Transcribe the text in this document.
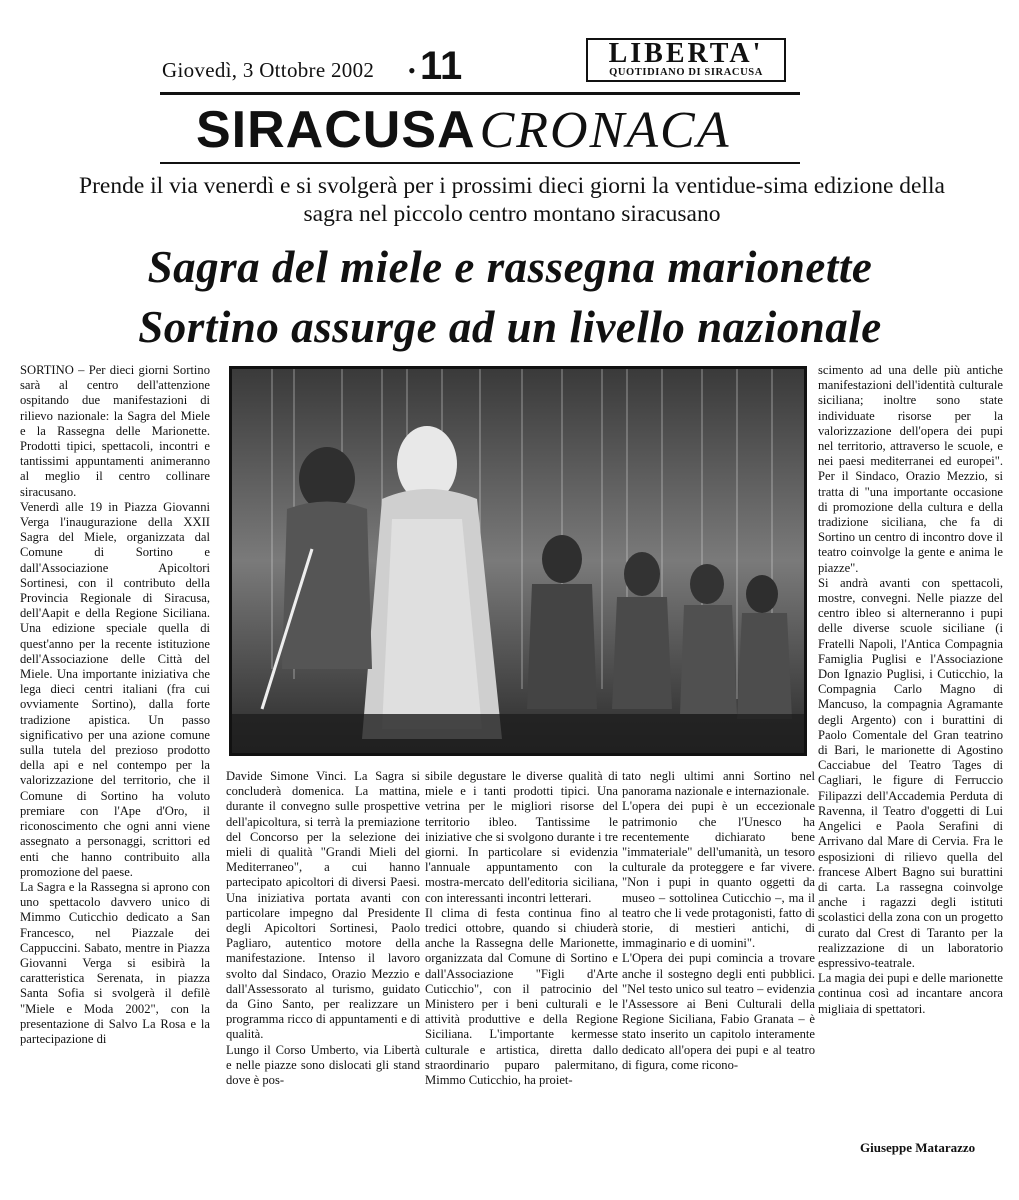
Giovedì, 3 Ottobre 2002 • 11	LIBERTA'
QUOTIDIANO DI SIRACUSA
SIRACUSACRONACA
Prende il via venerdì e si svolgerà per i prossimi dieci giorni la ventidue-sima edizione della sagra nel piccolo centro montano siracusano
Sagra del miele e rassegna marionette
Sortino assurge ad un livello nazionale

SORTINO – Per dieci giorni Sortino sarà al centro dell'attenzione ospitando due manifestazioni di rilievo nazionale: la Sagra del Miele e la Rassegna delle Marionette. Prodotti tipici, spettacoli, incontri e tantissimi appuntamenti animeranno al meglio il centro collinare siracusano.

Venerdì alle 19 in Piazza Giovanni Verga l'inaugurazione della XXII Sagra del Miele, organizzata dal Comune di Sortino e dall'Associazione Apicoltori Sortinesi, con il contributo della Provincia Regionale di Siracusa, dell'Aapit e della Regione Siciliana. Una edizione speciale quella di quest'anno per la recente istituzione dell'Associazione delle Città del Miele. Una importante iniziativa che lega dieci centri italiani (fra cui ovviamente Sortino), dalla forte tradizione apistica. Un passo significativo per una azione comune sulla tutela del prezioso prodotto della api e nel contempo per la valorizzazione del territorio, che il Comune di Sortino ha voluto premiare con l'Ape d'Oro, il riconoscimento che ogni anni viene assegnato a personaggi, scrittori ed enti che hanno contribuito alla promozione del paese.

La Sagra e la Rassegna si aprono con uno spettacolo davvero unico di Mimmo Cuticchio dedicato a San Francesco, nel Piazzale dei Cappuccini. Sabato, mentre in Piazza Giovanni Verga si esibirà la caratteristica Serenata, in piazza Santa Sofia si svolgerà il defilè "Miele e Moda 2002", con la presentazione di Salvo La Rosa e la partecipazione di

Davide Simone Vinci. La Sagra si concluderà domenica. La mattina, durante il convegno sulle prospettive dell'apicoltura, si terrà la premiazione del Concorso per la selezione dei mieli di qualità "Grandi Mieli del Mediterraneo", a cui hanno partecipato apicoltori di diversi Paesi. Una iniziativa portata avanti con particolare impegno dal Presidente degli Apicoltori Sortinesi, Paolo Pagliaro, autentico motore della manifestazione. Intenso il lavoro svolto dal Sindaco, Orazio Mezzio e dall'Assessorato al turismo, guidato da Gino Santo, per realizzare un programma ricco di appuntamenti e di qualità.

Lungo il Corso Umberto, via Libertà e nelle piazze sono dislocati gli stand dove è pos-

sibile degustare le diverse qualità di miele e i tanti prodotti tipici. Una vetrina per le migliori risorse del territorio ibleo. Tantissime le iniziative che si svolgono durante i tre giorni. In particolare si evidenzia l'annuale appuntamento con la mostra-mercato dell'editoria siciliana, con interessanti incontri letterari.

Il clima di festa continua fino al tredici ottobre, quando si chiuderà anche la Rassegna delle Marionette, organizzata dal Comune di Sortino e dall'Associazione "Figli d'Arte Cuticchio", con il patrocinio del Ministero per i beni culturali e le attività produttive e della Regione Siciliana. L'importante kermesse culturale e artistica, diretta dallo straordinario puparo palermitano, Mimmo Cuticchio, ha proiet-

tato negli ultimi anni Sortino nel panorama nazionale e internazionale.

L'opera dei pupi è un eccezionale patrimonio che l'Unesco ha recentemente dichiarato bene "immateriale" dell'umanità, un tesoro culturale da proteggere e far vivere. "Non i pupi in quanto oggetti da museo – sottolinea Cuticchio –, ma il teatro che li vede protagonisti, fatto di storie, di mestieri antichi, di immaginario e di uomini".

L'Opera dei pupi comincia a trovare anche il sostegno degli enti pubblici. "Nel testo unico sul teatro – evidenzia l'Assessore ai Beni Culturali della Regione Siciliana, Fabio Granata – è stato inserito un capitolo interamente dedicato all'opera dei pupi e al teatro di figura, come ricono-

scimento ad una delle più antiche manifestazioni dell'identità culturale siciliana; inoltre sono state individuate risorse per la valorizzazione dell'opera dei pupi nel territorio, attraverso le scuole, e nei paesi mediterranei ed europei". Per il Sindaco, Orazio Mezzio, si tratta di "una importante occasione di promozione della cultura e della tradizione siciliana, che fa di Sortino un centro di incontro dove il teatro coinvolge la gente e anima le piazze".

Si andrà avanti con spettacoli, mostre, convegni. Nelle piazze del centro ibleo si alterneranno i pupi delle diverse scuole siciliane (i Fratelli Napoli, l'Antica Compagnia Famiglia Puglisi e l'Associazione Don Ignazio Puglisi, i Cuticchio, la Compagnia Carlo Magno di Mancuso, la compagnia Agramante degli Argento) con i burattini di Paolo Comentale del Gran teatrino di Bari, le marionette di Agostino Cacciabue del Teatro Tages di Cagliari, le figure di Ferruccio Filipazzi dell'Accademia Perduta di Ravenna, il Teatro d'oggetti di Lui Angelici e Paola Serafini di Arrivano dal Mare di Cervia. Fra le esposizioni di rilievo quella del francese Albert Bagno sui burattini di carta. La rassegna coinvolge anche i ragazzi degli istituti scolastici della zona con un progetto curato dal Crest di Taranto per la realizzazione di un laboratorio espressivo-teatrale.

La magia dei pupi e delle marionette continua così ad incantare ancora migliaia di spettatori.

Giuseppe Matarazzo
